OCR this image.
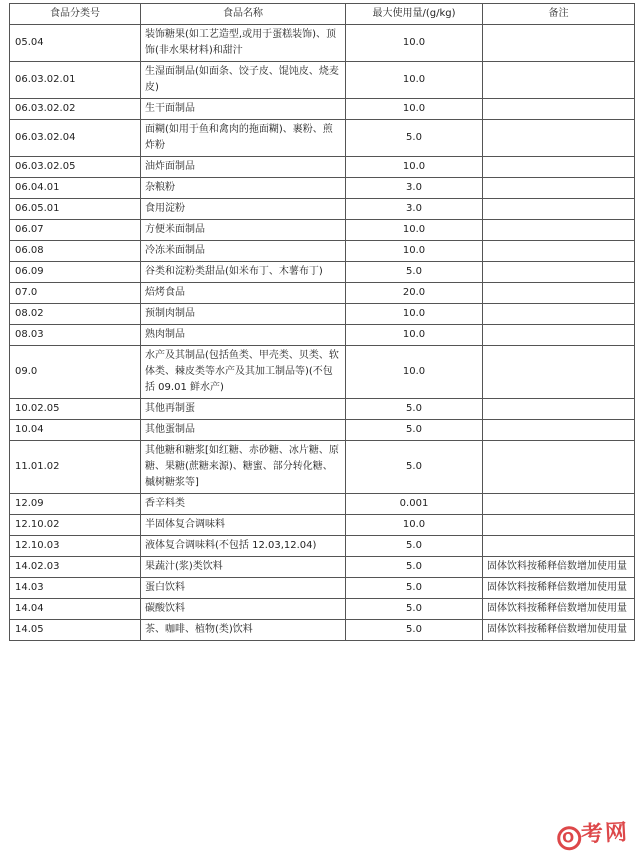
食品分类号	食品名称	最大使用量/(g/kg)	备注
05.04	装饰糖果(如工艺造型,或用于蛋糕装饰)、顶饰(非水果材料)和甜汁	10.0	
06.03.02.01	生湿面制品(如面条、饺子皮、馄饨皮、烧麦皮)	10.0	
06.03.02.02	生干面制品	10.0	
06.03.02.04	面糊(如用于鱼和禽肉的拖面糊)、裹粉、煎炸粉	5.0	
06.03.02.05	油炸面制品	10.0	
06.04.01	杂粮粉	3.0	
06.05.01	食用淀粉	3.0	
06.07	方便米面制品	10.0	
06.08	冷冻米面制品	10.0	
06.09	谷类和淀粉类甜品(如米布丁、木薯布丁)	5.0	
07.0	焙烤食品	20.0	
08.02	预制肉制品	10.0	
08.03	熟肉制品	10.0	
09.0	水产及其制品(包括鱼类、甲壳类、贝类、软体类、棘皮类等水产及其加工制品等)(不包括 09.01 鲜水产)	10.0	
10.02.05	其他再制蛋	5.0	
10.04	其他蛋制品	5.0	
11.01.02	其他糖和糖浆[如红糖、赤砂糖、冰片糖、原糖、果糖(蔗糖来源)、糖蜜、部分转化糖、槭树糖浆等]	5.0	
12.09	香辛料类	0.001	
12.10.02	半固体复合调味料	10.0	
12.10.03	液体复合调味料(不包括 12.03,12.04)	5.0	
14.02.03	果蔬汁(浆)类饮料	5.0	固体饮料按稀释倍数增加使用量
14.03	蛋白饮料	5.0	固体饮料按稀释倍数增加使用量
14.04	碳酸饮料	5.0	固体饮料按稀释倍数增加使用量
14.05	茶、咖啡、植物(类)饮料	5.0	固体饮料按稀释倍数增加使用量
O 考网
